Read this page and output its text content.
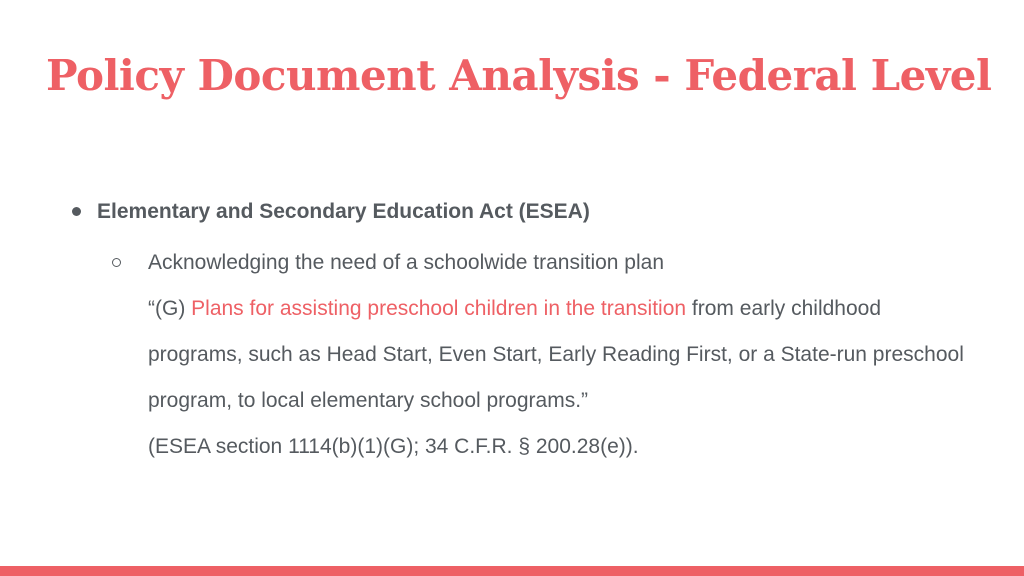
Policy Document Analysis - Federal Level
Elementary and Secondary Education Act (ESEA)
Acknowledging the need of a schoolwide transition plan
“(G) Plans for assisting preschool children in the transition from early childhood programs, such as Head Start, Even Start, Early Reading First, or a State-run preschool program, to local elementary school programs.”
(ESEA section 1114(b)(1)(G); 34 C.F.R. § 200.28(e)).
